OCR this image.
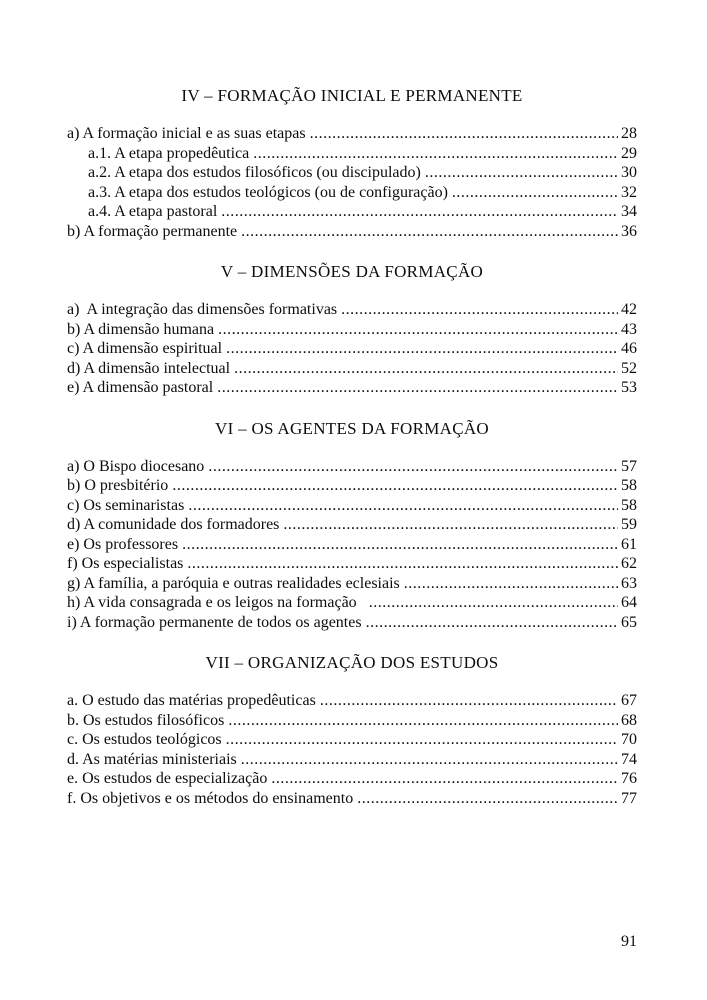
IV – FORMAÇÃO INICIAL E PERMANENTE
a) A formação inicial e as suas etapas .....	28
a.1. A etapa propedêutica .....	29
a.2. A etapa dos estudos filosóficos (ou discipulado) .....	30
a.3. A etapa dos estudos teológicos (ou de configuração) .....	32
a.4. A etapa pastoral .....	34
b) A formação permanente .....	36
V – DIMENSÕES DA FORMAÇÃO
a)  A integração das dimensões formativas .....	42
b) A dimensão humana .....	43
c) A dimensão espiritual .....	46
d) A dimensão intelectual .....	52
e) A dimensão pastoral .....	53
VI – OS AGENTES DA FORMAÇÃO
a) O Bispo diocesano .....	57
b) O presbitério .....	58
c) Os seminaristas .....	58
d) A comunidade dos formadores .....	59
e) Os professores .....	61
f) Os especialistas .....	62
g) A família, a paróquia e outras realidades eclesiais .....	63
h) A vida consagrada e os leigos na formação .....	64
i) A formação permanente de todos os agentes .....	65
VII – ORGANIZAÇÃO DOS ESTUDOS
a. O estudo das matérias propedêuticas .....	67
b. Os estudos filosóficos .....	68
c. Os estudos teológicos .....	70
d. As matérias ministeriais .....	74
e. Os estudos de especialização .....	76
f. Os objetivos e os métodos do ensinamento .....	77
91
